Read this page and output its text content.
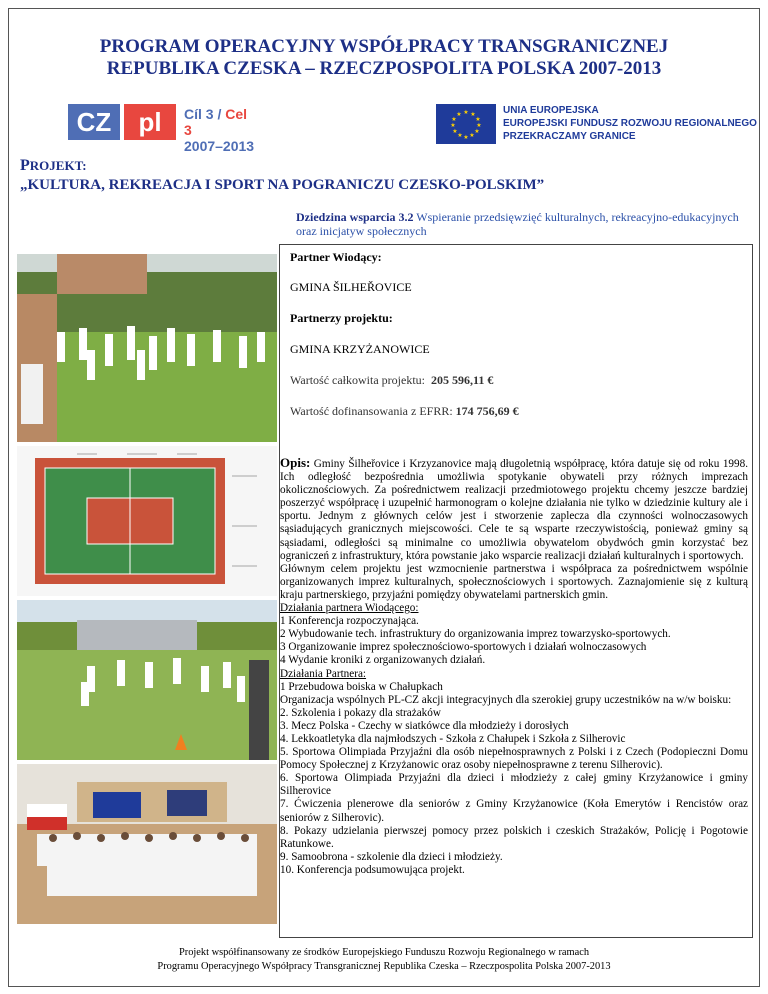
PROGRAM OPERACYJNY WSPÓŁPRACY TRANSGRANICZNEJ
REPUBLIKA CZESKA – RZECZPOSPOLITA POLSKA 2007-2013
CZ	pl	Cíl 3 / Cel 3
2007–2013
★ ★
★
★
★
★
★
★
★
★
★
★	UNIA EUROPEJSKA
EUROPEJSKI FUNDUSZ ROZWOJU REGIONALNEGO
PRZEKRACZAMY GRANICE
PROJEKT:
„KULTURA, REKREACJA I SPORT NA POGRANICZU CZESKO-POLSKIM”
Dziedzina wsparcia 3.2 Wspieranie przedsięwzięć kulturalnych, rekreacyjno-edukacyjnych oraz inicjatyw społecznych
Partner Wiodący:
GMINA ŠILHEŘOVICE
Partnerzy projektu:
GMINA KRZYŻANOWICE
Wartość całkowita projektu: 205 596,11 €
Wartość dofinansowania z EFRR: 174 756,69 €
Opis: Gminy Šilheřovice i Krzyzanovice mają długoletnią współpracę, która datuje się od roku 1998. Ich odległość bezpośrednia umożliwia spotykanie obywateli przy różnych imprezach okolicznościowych. Za pośrednictwem realizacji przedmiotowego projektu chcemy jeszcze bardziej poszerzyć współpracę i uzupełnić harmonogram o kolejne działania nie tylko w dziedzinie kultury ale i sportu. Jednym z głównych celów jest i stworzenie zaplecza dla czynności wolnoczasowych sąsiadujących granicznych miejscowości. Cele te są wsparte rzeczywistością, ponieważ gminy są sąsiadami, odległości są minimalne co umożliwia obywatelom obydwóch gmin korzystać bez ograniczeń z infrastruktury, która powstanie jako wsparcie realizacji działań kulturalnych i sportowych.
Głównym celem projektu jest wzmocnienie partnerstwa i współpraca za pośrednictwem wspólnie organizowanych imprez kulturalnych, społecznościowych i sportowych. Zaznajomienie się z kulturą kraju partnerskiego, przyjaźni pomiędzy obywatelami partnerskich gmin.
Działania partnera Wiodącego:
1 Konferencja rozpoczynająca.
2 Wybudowanie tech. infrastruktury do organizowania imprez towarzysko-sportowych.
3 Organizowanie imprez społecznościowo-sportowych i działań wolnoczasowych
4 Wydanie kroniki z organizowanych działań.
Działania Partnera:
1 Przebudowa boiska w Chałupkach
Organizacja wspólnych PL-CZ akcji integracyjnych dla szerokiej grupy uczestników na w/w boisku:
2. Szkolenia i pokazy dla strażaków
3. Mecz Polska - Czechy w siatkówce dla młodzieży i dorosłych
4. Lekkoatletyka dla najmłodszych - Szkoła z Chałupek i Szkoła z Silherovic
5. Sportowa Olimpiada Przyjaźni dla osób niepełnosprawnych z Polski i z Czech (Podopieczni Domu Pomocy Społecznej z Krzyżanowic oraz osoby niepełnosprawne z terenu Silherovic).
6. Sportowa Olimpiada Przyjaźni dla dzieci i młodzieży z całej gminy Krzyżanowice i gminy Silherovice
7. Ćwiczenia plenerowe dla seniorów z Gminy Krzyżanowice (Koła Emerytów i Rencistów oraz seniorów z Silherovic).
8. Pokazy udzielania pierwszej pomocy przez polskich i czeskich Strażaków, Policję i Pogotowie Ratunkowe.
9. Samoobrona - szkolenie dla dzieci i młodzieży.
10. Konferencja podsumowująca projekt.
Projekt współfinansowany ze środków Europejskiego Funduszu Rozwoju Regionalnego w ramach
Programu Operacyjnego Współpracy Transgranicznej Republika Czeska – Rzeczpospolita Polska 2007-2013
